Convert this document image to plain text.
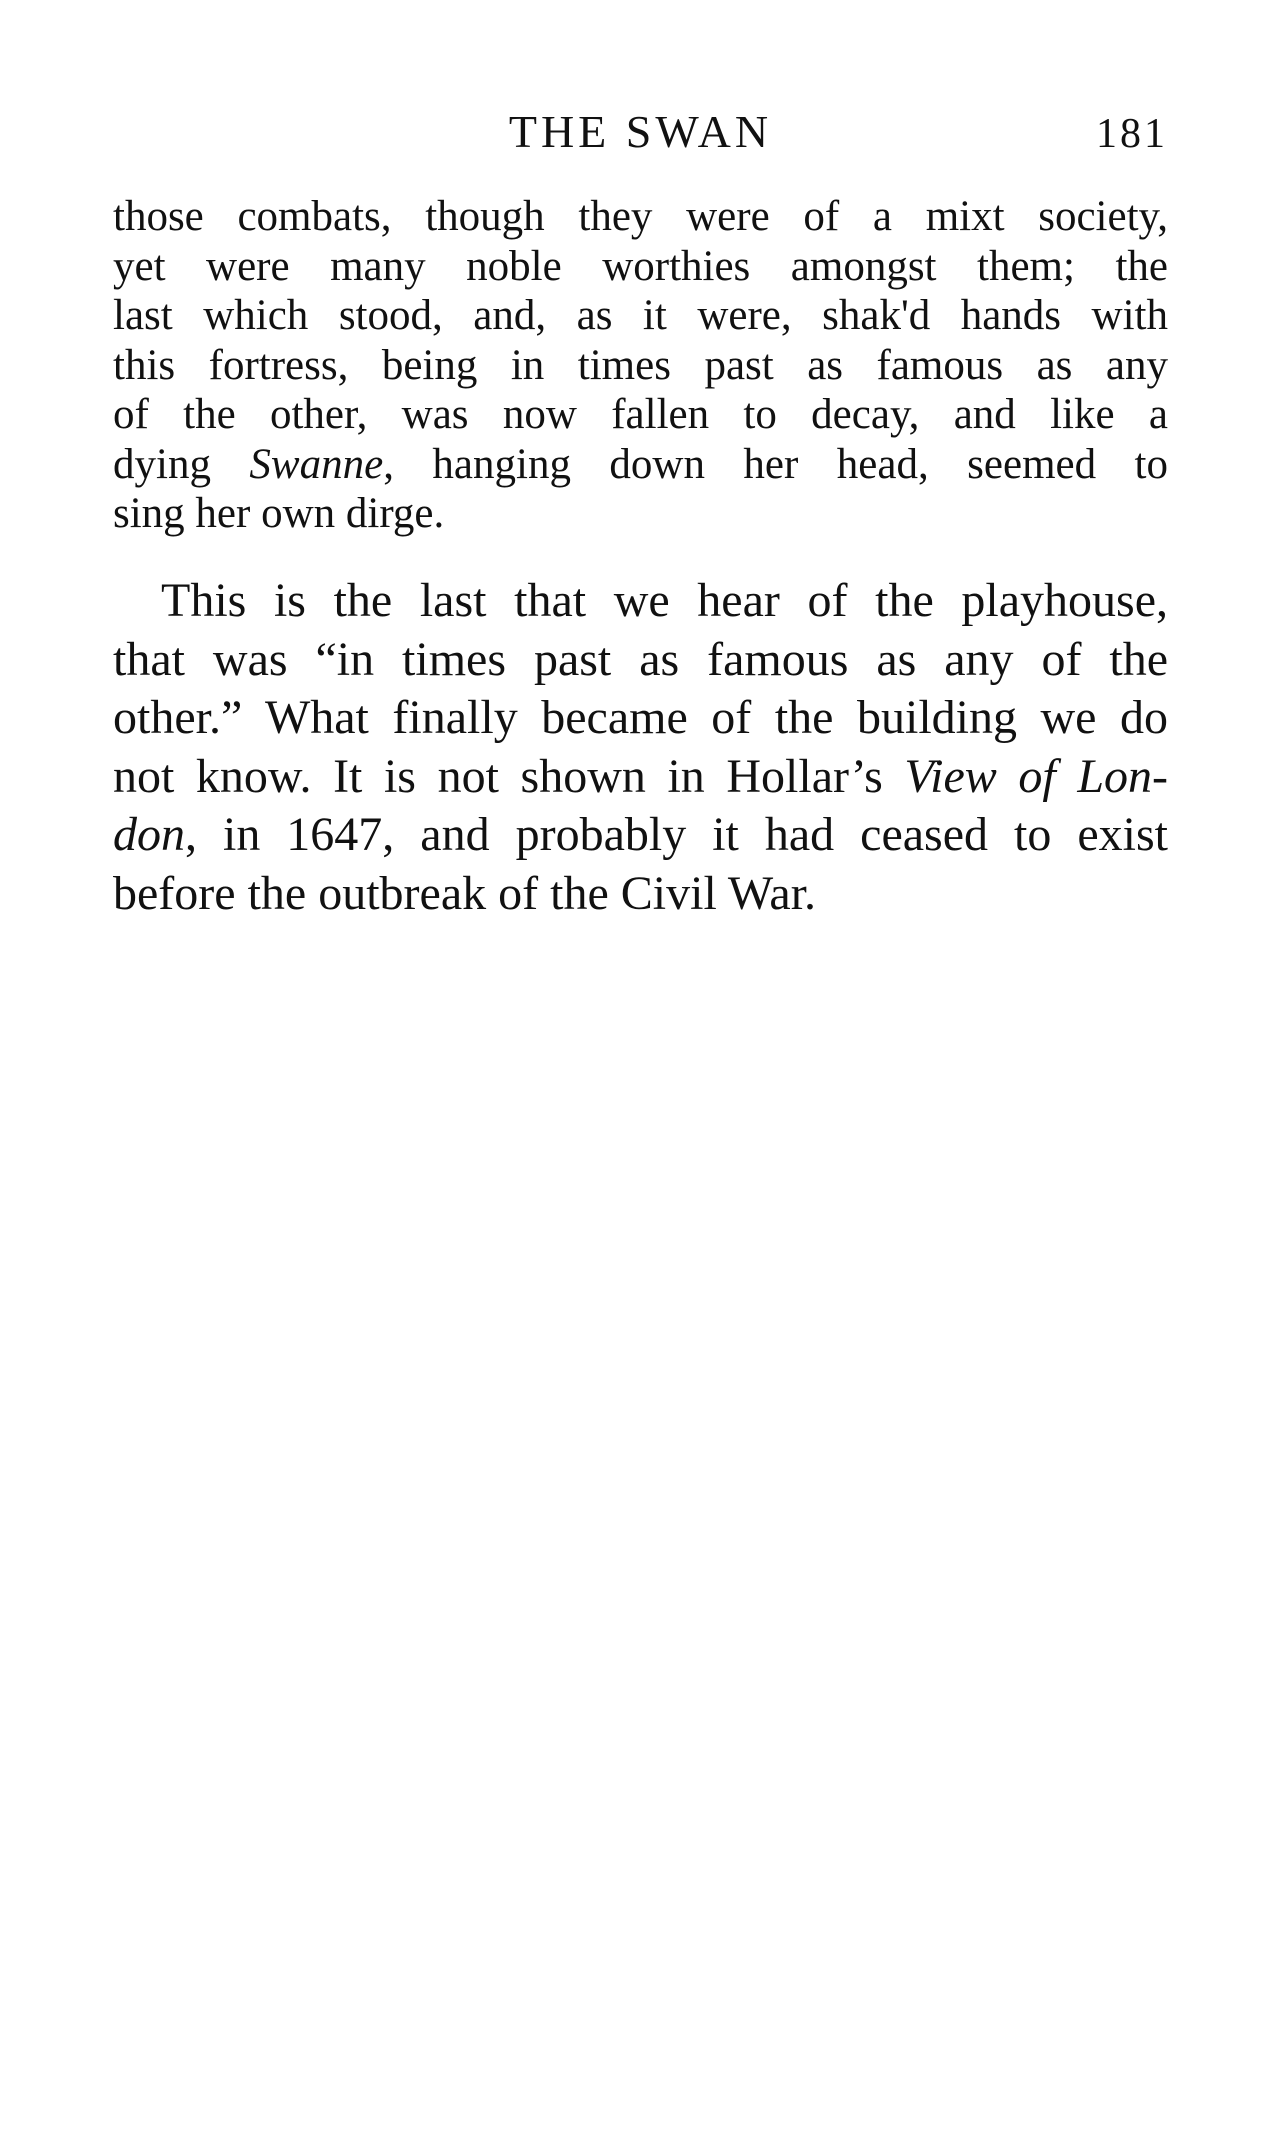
THE SWAN	181
those combats, though they were of a mixt society,
yet were many noble worthies amongst them; the
last which stood, and, as it were, shak'd hands with
this fortress, being in times past as famous as any
of the other, was now fallen to decay, and like a
dying Swanne, hanging down her head, seemed to
sing her own dirge.
This is the last that we hear of the playhouse,
that was “in times past as famous as any of the
other.” What finally became of the building we do
not know. It is not shown in Hollar’s View of Lon-
don, in 1647, and probably it had ceased to exist
before the outbreak of the Civil War.
